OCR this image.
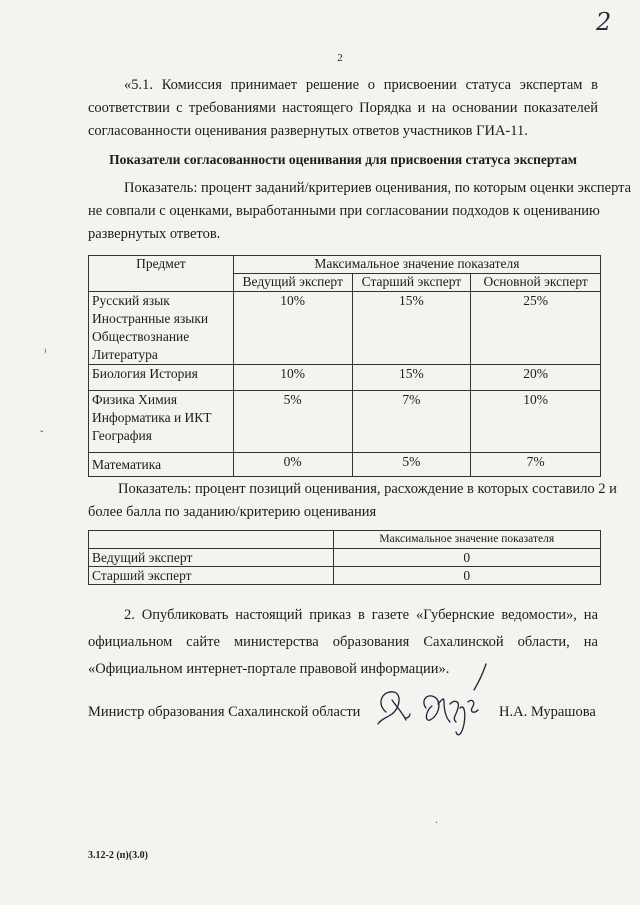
2
2
«5.1. Комиссия принимает решение о присвоении статуса экспертам в
соответствии с требованиями настоящего Порядка и на основании показателей
согласованности оценивания развернутых ответов участников ГИА-11.
Показатели согласованности оценивания для присвоения статуса экспертам
Показатель: процент заданий/критериев оценивания, по которым оценки эксперта
не совпали с оценками, выработанными при согласовании подходов к оцениванию
развернутых ответов.
Предмет	Максимальное значение показателя		
	Ведущий эксперт	Старший эксперт	Основной эксперт
Русский язык
Иностранные языки
Обществознание
Литература	10%	15%	25%
Биология История	10%	15%	20%
Физика Химия
Информатика и ИКТ
География	5%	7%	10%
Математика	0%	5%	7%
Показатель: процент позиций оценивания, расхождение в которых составило 2 и
более балла по заданию/критерию оценивания
	Максимальное значение показателя
Ведущий эксперт	0
Старший эксперт	0
2. Опубликовать настоящий приказ в газете «Губернские ведомости», на
официальном сайте министерства образования Сахалинской области, на
«Официальном интернет-портале правовой информации».
Министр образования Сахалинской области	Н.А. Мурашова
3.12-2 (п)(3.0)
⁾
ˇ
·
